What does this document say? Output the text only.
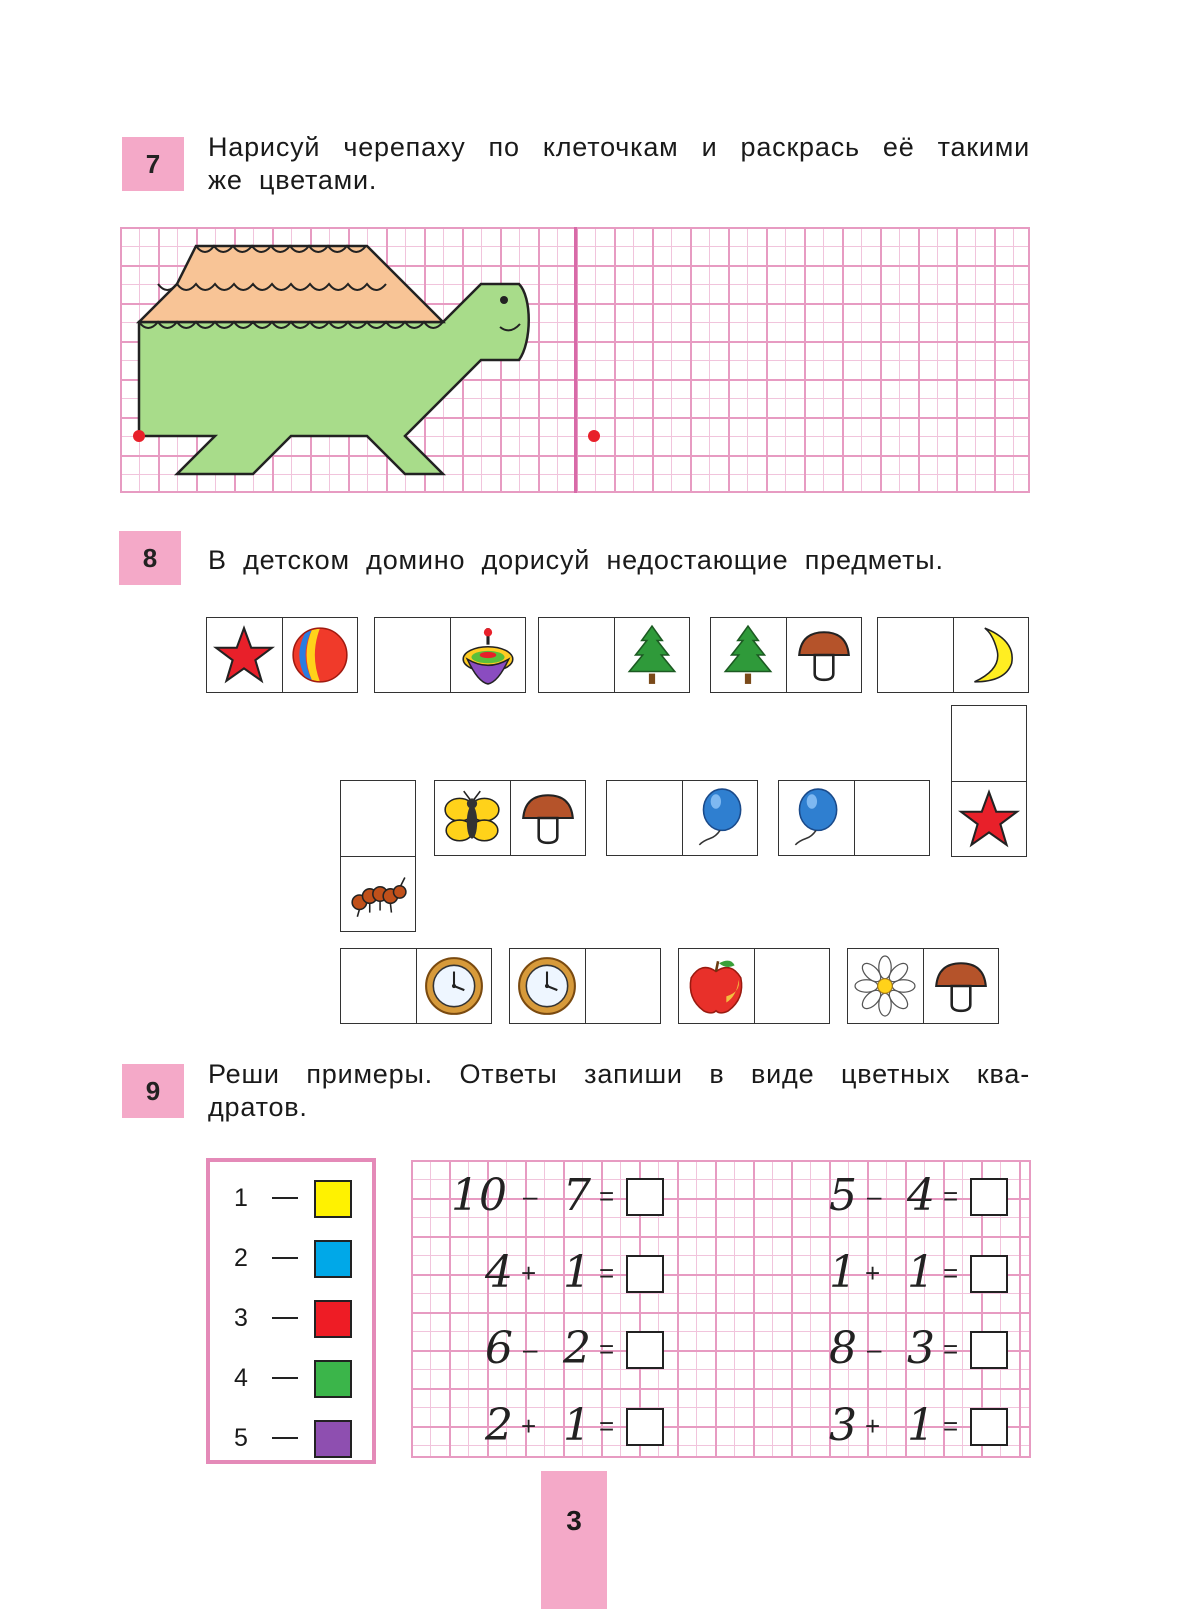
7
Нарисуй черепаху по клеточкам и раскрась её такими же цветами.
8	В детском домино дорисуй недостающие предметы.
9
Реши примеры. Ответы запиши в виде цветных ква-дратов.
1
2
3
4
5
10 – 7 =
4 + 1 =
6 – 2 =
2 + 1 =
5 – 4 =
1 + 1 =
8 – 3 =
3 + 1 =
3
